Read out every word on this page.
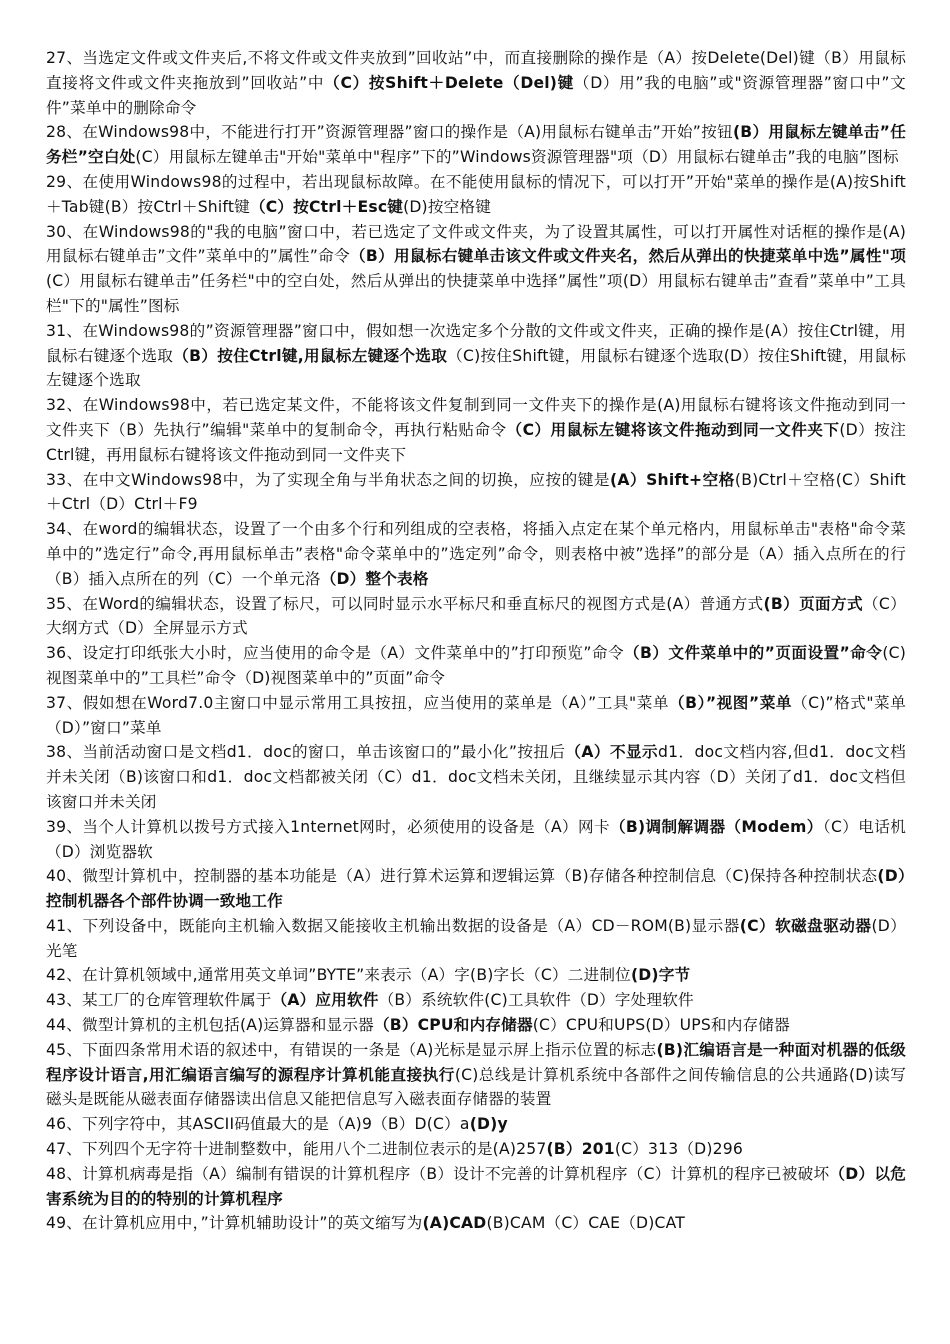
27、当选定文件或文件夹后,不将文件或文件夹放到”回收站”中，而直接删除的操作是（A）按Delete(Del)键（B）用鼠标直接将文件或文件夹拖放到”回收站”中（C）按Shift＋Delete（Del)键（D）用”我的电脑”或"资源管理器”窗口中”文件”菜单中的删除命令

28、在Windows98中，不能进行打开”资源管理器”窗口的操作是（A)用鼠标右键单击”开始”按钮(B）用鼠标左键单击”任务栏”空白处(C）用鼠标左键单击"开始"菜单中"程序”下的”Windows资源管理器"项（D）用鼠标右键单击”我的电脑”图标

29、在使用Windows98的过程中，若出现鼠标故障。在不能使用鼠标的情况下，可以打开”开始"菜单的操作是(A)按Shift＋Tab键(B）按Ctrl＋Shift键（C）按Ctrl＋Esc键(D)按空格键

30、在Windows98的"我的电脑”窗口中，若已选定了文件或文件夹，为了设置其属性，可以打开属性对话框的操作是(A)用鼠标右键单击”文件”菜单中的”属性”命令（B）用鼠标右键单击该文件或文件夹名，然后从弹出的快捷菜单中选”属性"项(C）用鼠标右键单击”任务栏"中的空白处，然后从弹出的快捷菜单中选择”属性”项(D）用鼠标右键单击”查看”菜单中”工具栏"下的"属性”图标

31、在Windows98的”资源管理器”窗口中，假如想一次选定多个分散的文件或文件夹，正确的操作是(A）按住Ctrl键，用鼠标右键逐个选取（B）按住Ctrl键,用鼠标左键逐个选取（C)按住Shift键，用鼠标右键逐个选取(D）按住Shift键，用鼠标左键逐个选取

32、在Windows98中，若已选定某文件，不能将该文件复制到同一文件夹下的操作是(A)用鼠标右键将该文件拖动到同一文件夹下（B）先执行”编辑"菜单中的复制命令，再执行粘贴命令（C）用鼠标左键将该文件拖动到同一文件夹下(D）按注Ctrl键，再用鼠标右键将该文件拖动到同一文件夹下

33、在中文Windows98中，为了实现全角与半角状态之间的切换，应按的键是(A）Shift+空格(B)Ctrl＋空格(C）Shift＋Ctrl（D）Ctrl＋F9

34、在word的编辑状态，设置了一个由多个行和列组成的空表格，将插入点定在某个单元格内，用鼠标单击"表格"命令菜单中的”选定行”命令,再用鼠标单击”表格"命令菜单中的”选定列”命令，则表格中被”选择”的部分是（A）插入点所在的行（B）插入点所在的列（C）一个单元洛（D）整个表格

35、在Word的编辑状态，设置了标尺，可以同时显示水平标尺和垂直标尺的视图方式是(A）普通方式(B）页面方式（C）大纲方式（D）全屏显示方式

36、设定打印纸张大小时，应当使用的命令是（A）文件菜单中的”打印预览”命令（B）文件菜单中的”页面设置”命令(C)视图菜单中的”工具栏”命令（D)视图菜单中的”页面”命令

37、假如想在Word7.0主窗口中显示常用工具按扭，应当使用的菜单是（A）”工具"菜单（B）”视图”菜单（C)”格式"菜单（D）”窗口”菜单

38、当前活动窗口是文档d1．doc的窗口，单击该窗口的”最小化”按扭后（A）不显示d1．doc文档内容,但d1．doc文档并未关闭（B)该窗口和d1．doc文档都被关闭（C）d1．doc文档未关闭，且继续显示其内容（D）关闭了d1．doc文档但该窗口并未关闭

39、当个人计算机以拨号方式接入1nternet网时，必须使用的设备是（A）网卡（B)调制解调器（Modem）（C）电话机（D）浏览器软

40、微型计算机中，控制器的基本功能是（A）进行算术运算和逻辑运算（B)存储各种控制信息（C)保持各种控制状态(D）控制机器各个部件协调一致地工作

41、下列设备中，既能向主机输入数据又能接收主机输出数据的设备是（A）CD－ROM(B)显示器(C）软磁盘驱动器(D）光笔

42、在计算机领域中,通常用英文单词”BYTE”来表示（A）字(B)字长（C）二进制位(D)字节

43、某工厂的仓库管理软件属于（A）应用软件（B）系统软件(C)工具软件（D）字处理软件

44、微型计算机的主机包括(A)运算器和显示器（B）CPU和内存储器(C）CPU和UPS(D）UPS和内存储器

45、下面四条常用术语的叙述中，有错误的一条是（A)光标是显示屏上指示位置的标志(B)汇编语言是一种面对机器的低级程序设计语言,用汇编语言编写的源程序计算机能直接执行(C)总线是计算机系统中各部件之间传输信息的公共通路(D)读写磁头是既能从磁表面存储器读出信息又能把信息写入磁表面存储器的装置

46、下列字符中，其ASCII码值最大的是（A)9（B）D(C）a(D)y

47、下列四个无字符十进制整数中，能用八个二进制位表示的是(A)257(B）201(C）313（D)296

48、计算机病毒是指（A）编制有错误的计算机程序（B）设计不完善的计算机程序（C）计算机的程序已被破坏（D）以危害系统为目的的特别的计算机程序

49、在计算机应用中，”计算机辅助设计”的英文缩写为(A)CAD(B)CAM（C）CAE（D)CAT
